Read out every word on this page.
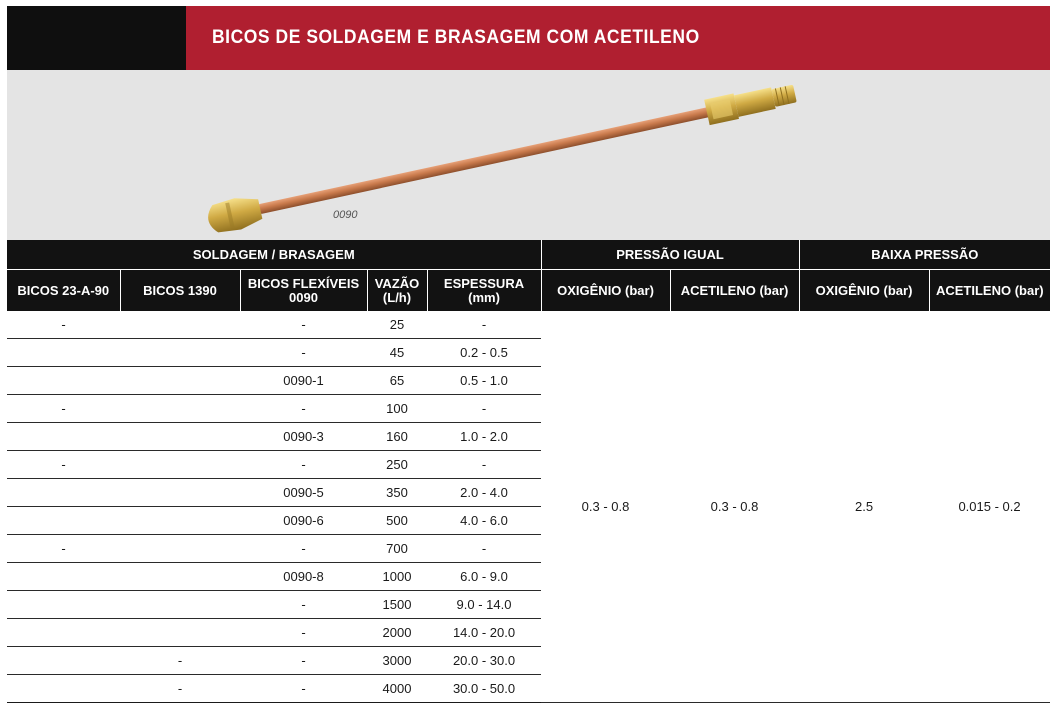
BICOS DE SOLDAGEM E BRASAGEM COM ACETILENO
0090
SOLDAGEM / BRASAGEM					PRESSÃO IGUAL		BAIXA PRESSÃO	
BICOS 23-A-90	BICOS 1390	BICOS FLEXÍVEIS 0090	VAZÃO (L/h)	ESPESSURA (mm)	OXIGÊNIO (bar)	ACETILENO (bar)	OXIGÊNIO (bar)	ACETILENO (bar)
-		-	25	-	0.3 - 0.8	0.3 - 0.8	2.5	0.015 - 0.2
		-	45	0.2 - 0.5				
		0090-1	65	0.5 - 1.0				
-		-	100	-				
		0090-3	160	1.0 - 2.0				
-		-	250	-				
		0090-5	350	2.0 - 4.0				
		0090-6	500	4.0 - 6.0				
-		-	700	-				
		0090-8	1000	6.0 - 9.0				
		-	1500	9.0 - 14.0				
		-	2000	14.0 - 20.0				
	-	-	3000	20.0 - 30.0				
	-	-	4000	30.0 - 50.0				
